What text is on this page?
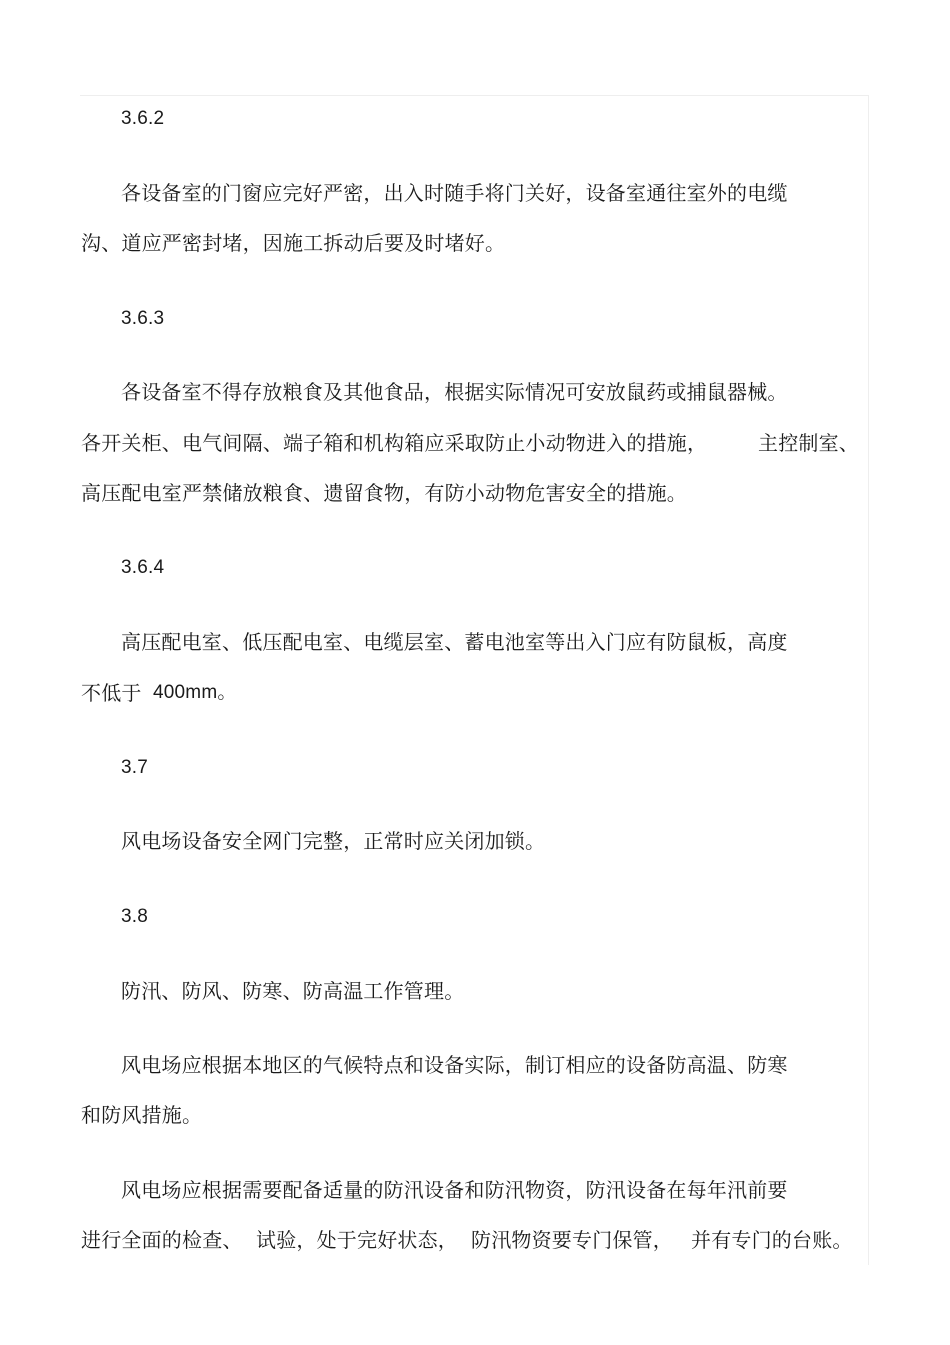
3.6.2
各设备室的门窗应完好严密，出入时随手将门关好，设备室通往室外的电缆
沟、道应严密封堵，因施工拆动后要及时堵好。
3.6.3
各设备室不得存放粮食及其他食品，根据实际情况可安放鼠药或捕鼠器械。
各开关柜、电气间隔、端子箱和机构箱应采取防止小动物进入的措施，	主控制室、
高压配电室严禁储放粮食、遗留食物，有防小动物危害安全的措施。
3.6.4
高压配电室、低压配电室、电缆层室、蓄电池室等出入门应有防鼠板，高度
不低于 400mm。
3.7
风电场设备安全网门完整，正常时应关闭加锁。
3.8
防汛、防风、防寒、防高温工作管理。
风电场应根据本地区的气候特点和设备实际，制订相应的设备防高温、防寒
和防风措施。
风电场应根据需要配备适量的防汛设备和防汛物资，防汛设备在每年汛前要
进行全面的检查、 试验，处于完好状态， 防汛物资要专门保管， 并有专门的台账。
